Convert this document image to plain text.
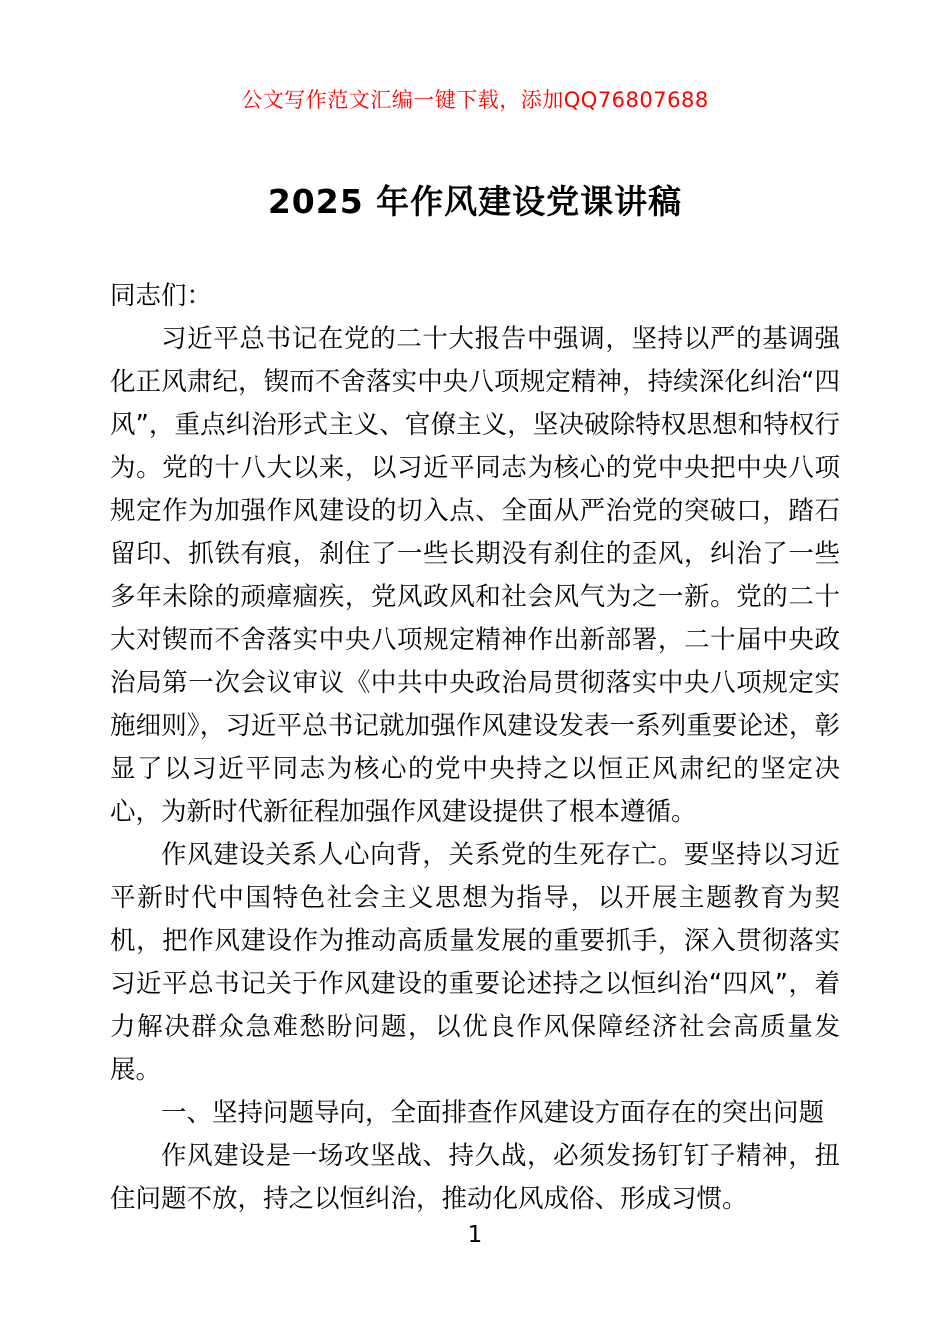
公文写作范文汇编一键下载，添加QQ76807688
2025 年作风建设党课讲稿

同志们：

习近平总书记在党的二十大报告中强调，坚持以严的基调强化正风肃纪，锲而不舍落实中央八项规定精神，持续深化纠治“四风”，重点纠治形式主义、官僚主义，坚决破除特权思想和特权行为。党的十八大以来，以习近平同志为核心的党中央把中央八项规定作为加强作风建设的切入点、全面从严治党的突破口，踏石留印、抓铁有痕，刹住了一些长期没有刹住的歪风，纠治了一些多年未除的顽瘴痼疾，党风政风和社会风气为之一新。党的二十大对锲而不舍落实中央八项规定精神作出新部署，二十届中央政治局第一次会议审议《中共中央政治局贯彻落实中央八项规定实施细则》，习近平总书记就加强作风建设发表一系列重要论述，彰显了以习近平同志为核心的党中央持之以恒正风肃纪的坚定决心，为新时代新征程加强作风建设提供了根本遵循。

作风建设关系人心向背，关系党的生死存亡。要坚持以习近平新时代中国特色社会主义思想为指导，以开展主题教育为契机，把作风建设作为推动高质量发展的重要抓手，深入贯彻落实习近平总书记关于作风建设的重要论述持之以恒纠治“四风”，着力解决群众急难愁盼问题，以优良作风保障经济社会高质量发展。

一、坚持问题导向，全面排查作风建设方面存在的突出问题

作风建设是一场攻坚战、持久战，必须发扬钉钉子精神，扭住问题不放，持之以恒纠治，推动化风成俗、形成习惯。

1
